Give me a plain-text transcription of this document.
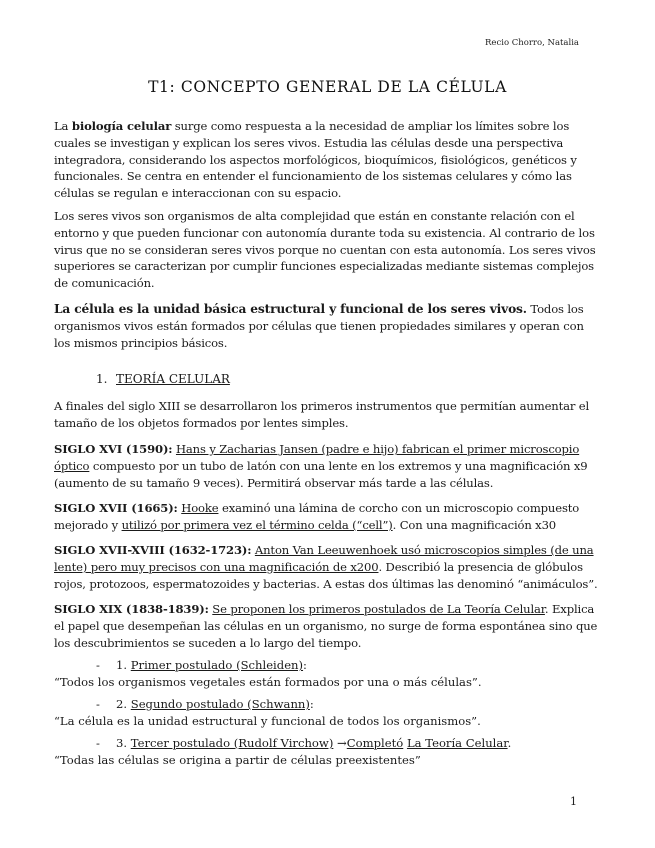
Recio Chorro, Natalia
T1: CONCEPTO GENERAL DE LA CÉLULA

La biología celular surge como respuesta a la necesidad de ampliar los límites sobre los cuales se investigan y explican los seres vivos. Estudia las células desde una perspectiva integradora, considerando los aspectos morfológicos, bioquímicos, fisiológicos, genéticos y funcionales. Se centra en entender el funcionamiento de los sistemas celulares y cómo las células se regulan e interaccionan con su espacio.

Los seres vivos son organismos de alta complejidad que están en constante relación con el entorno y que pueden funcionar con autonomía durante toda su existencia. Al contrario de los virus que no se consideran seres vivos porque no cuentan con esta autonomía. Los seres vivos superiores se caracterizan por cumplir funciones especializadas mediante sistemas complejos de comunicación.

La célula es la unidad básica estructural y funcional de los seres vivos. Todos los organismos vivos están formados por células que tienen propiedades similares y operan con los mismos principios básicos.

1. TEORÍA CELULAR

A finales del siglo XIII se desarrollaron los primeros instrumentos que permitían aumentar el tamaño de los objetos formados por lentes simples.

SIGLO XVI (1590): Hans y Zacharias Jansen (padre e hijo) fabrican el primer microscopio óptico compuesto por un tubo de latón con una lente en los extremos y una magnificación x9 (aumento de su tamaño 9 veces). Permitirá observar más tarde a las células.

SIGLO XVII (1665): Hooke examinó una lámina de corcho con un microscopio compuesto mejorado y utilizó por primera vez el término celda (“cell”). Con una magnificación x30

SIGLO XVII-XVIII (1632-1723): Anton Van Leeuwenhoek usó microscopios simples (de una lente) pero muy precisos con una magnificación de x200. Describió la presencia de glóbulos rojos, protozoos, espermatozoides y bacterias. A estas dos últimas las denominó “animáculos”.

SIGLO XIX (1838-1839): Se proponen los primeros postulados de La Teoría Celular. Explica el papel que desempeñan las células en un organismo, no surge de forma espontánea sino que los descubrimientos se suceden a lo largo del tiempo.

- 1. Primer postulado (Schleiden):
“Todos los organismos vegetales están formados por una o más células”.
- 2. Segundo postulado (Schwann):
“La célula es la unidad estructural y funcional de todos los organismos”.
- 3. Tercer postulado (Rudolf Virchow) →Completó La Teoría Celular.
“Todas las células se origina a partir de células preexistentes”
1
